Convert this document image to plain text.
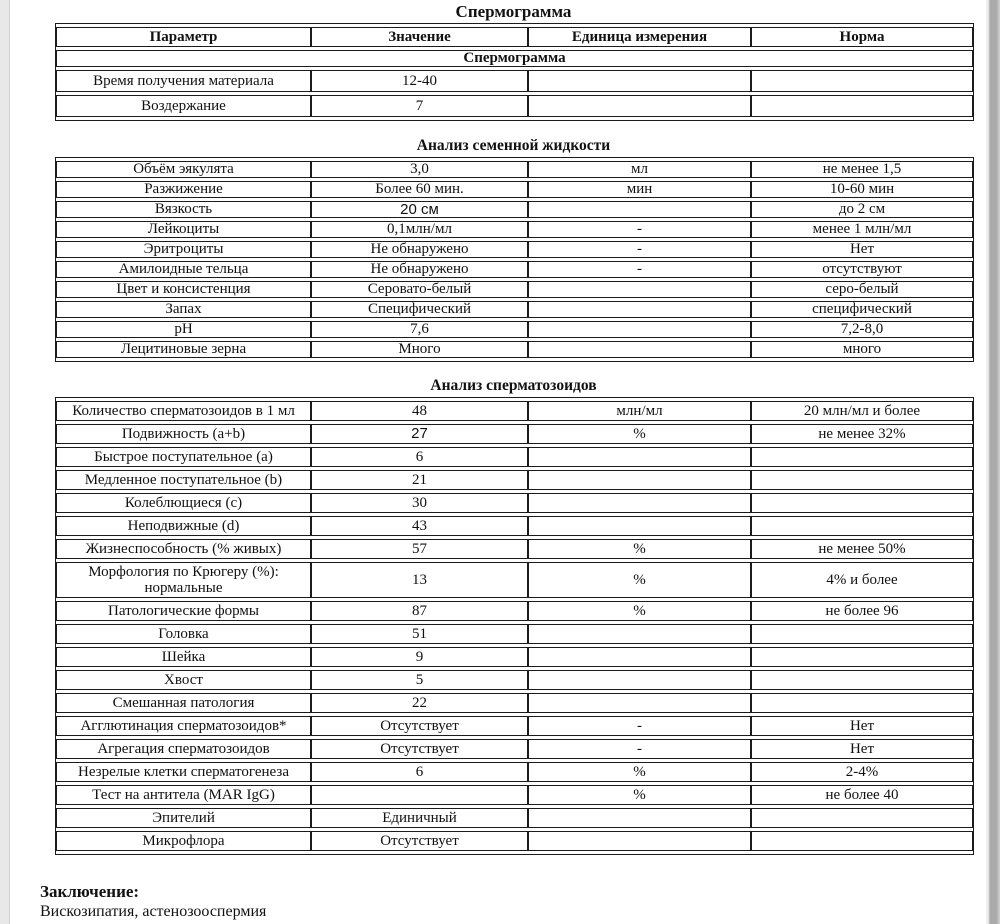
Спермограмма
Параметр	Значение	Единица измерения	Норма
Спермограмма			
Время получения материала	12-40		
Воздержание	7		
Анализ семенной жидкости
Объём эякулята	3,0	мл	не менее 1,5
Разжижение	Более 60 мин.	мин	10-60 мин
Вязкость	20 см		до 2 см
Лейкоциты	0,1млн/мл	-	менее 1 млн/мл
Эритроциты	Не обнаружено	-	Нет
Амилоидные тельца	Не обнаружено	-	отсутствуют
Цвет и консистенция	Серовато-белый		серо-белый
Запах	Специфический		специфический
pH	7,6		7,2-8,0
Лецитиновые зерна	Много		много
Анализ сперматозоидов
Количество сперматозоидов в 1 мл	48	млн/мл	20 млн/мл и более
Подвижность (a+b)	27	%	не менее 32%
Быстрое поступательное (a)	6		
Медленное поступательное (b)	21		
Колеблющиеся (c)	30		
Неподвижные (d)	43		
Жизнеспособность (% живых)	57	%	не менее 50%
Морфология по Крюгеру (%): нормальные	13	%	4% и более
Патологические формы	87	%	не более 96
Головка	51		
Шейка	9		
Хвост	5		
Смешанная патология	22		
Агглютинация сперматозоидов*	Отсутствует	-	Нет
Агрегация сперматозоидов	Отсутствует	-	Нет
Незрелые клетки сперматогенеза	6	%	2-4%
Тест на антитела (MAR IgG)		%	не более 40
Эпителий	Единичный		
Микрофлора	Отсутствует		

Заключение:

Вискозипатия, астенозооспермия
